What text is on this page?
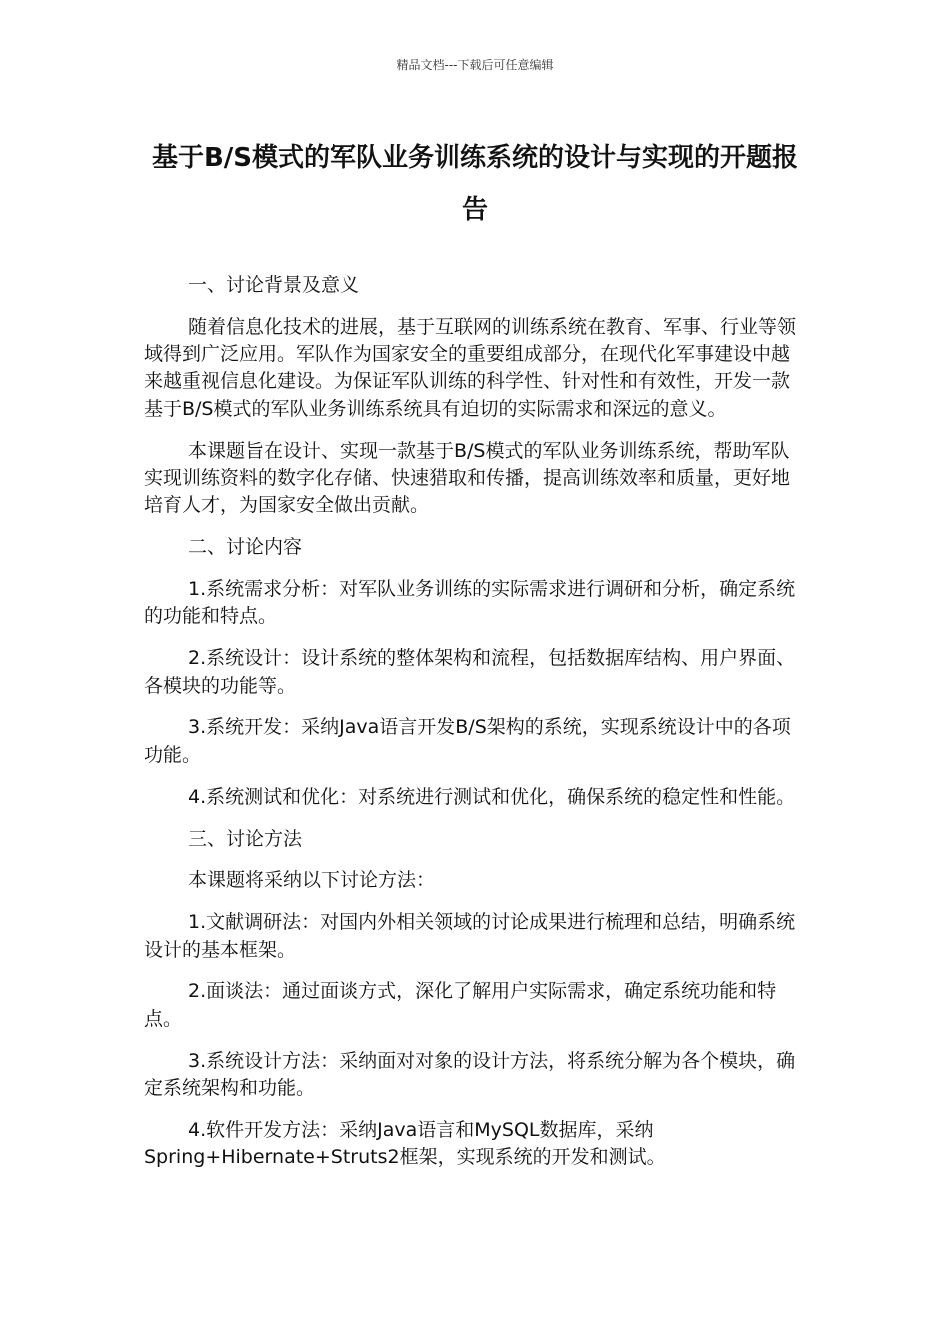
精品文档---下载后可任意编辑
基于B/S模式的军队业务训练系统的设计与实现的开题报告

一、讨论背景及意义

随着信息化技术的进展，基于互联网的训练系统在教育、军事、行业等领域得到广泛应用。军队作为国家安全的重要组成部分，在现代化军事建设中越来越重视信息化建设。为保证军队训练的科学性、针对性和有效性，开发一款基于B/S模式的军队业务训练系统具有迫切的实际需求和深远的意义。

本课题旨在设计、实现一款基于B/S模式的军队业务训练系统，帮助军队实现训练资料的数字化存储、快速猎取和传播，提高训练效率和质量，更好地培育人才，为国家安全做出贡献。

二、讨论内容

1.系统需求分析：对军队业务训练的实际需求进行调研和分析，确定系统的功能和特点。

2.系统设计：设计系统的整体架构和流程，包括数据库结构、用户界面、各模块的功能等。

3.系统开发：采纳Java语言开发B/S架构的系统，实现系统设计中的各项功能。

4.系统测试和优化：对系统进行测试和优化，确保系统的稳定性和性能。

三、讨论方法

本课题将采纳以下讨论方法：

1.文献调研法：对国内外相关领域的讨论成果进行梳理和总结，明确系统设计的基本框架。

2.面谈法：通过面谈方式，深化了解用户实际需求，确定系统功能和特点。

3.系统设计方法：采纳面对对象的设计方法，将系统分解为各个模块，确定系统架构和功能。

4.软件开发方法：采纳Java语言和MySQL数据库，采纳Spring+Hibernate+Struts2框架，实现系统的开发和测试。
